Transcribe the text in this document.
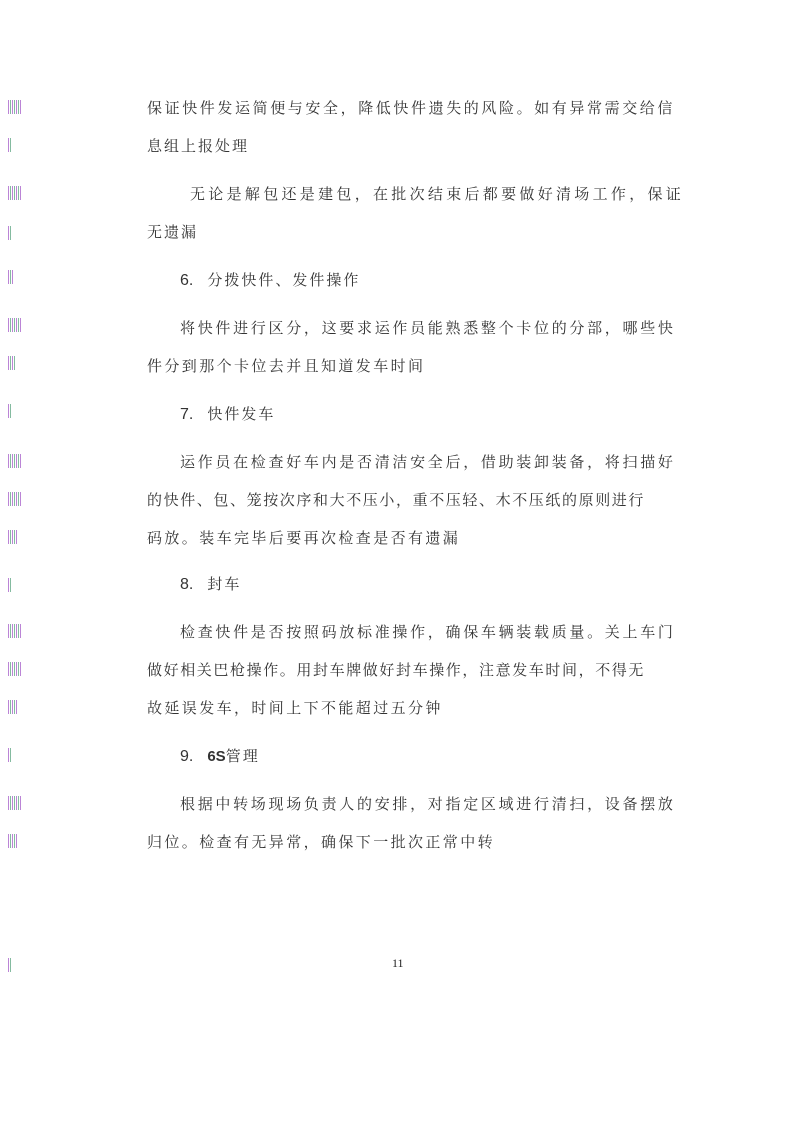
保证快件发运简便与安全，降低快件遗失的风险。如有异常需交给信
息组上报处理
无论是解包还是建包，在批次结束后都要做好清场工作，保证
无遗漏
6. 分拨快件、发件操作
将快件进行区分，这要求运作员能熟悉整个卡位的分部，哪些快
件分到那个卡位去并且知道发车时间
7. 快件发车
运作员在检查好车内是否清洁安全后，借助装卸装备，将扫描好
的快件、包、笼按次序和大不压小，重不压轻、木不压纸的原则进行
码放。装车完毕后要再次检查是否有遗漏
8. 封车
检查快件是否按照码放标准操作，确保车辆装载质量。关上车门
做好相关巴枪操作。用封车牌做好封车操作，注意发车时间，不得无
故延误发车，时间上下不能超过五分钟
9. 6S管理
根据中转场现场负责人的安排，对指定区域进行清扫，设备摆放
归位。检查有无异常，确保下一批次正常中转
11
